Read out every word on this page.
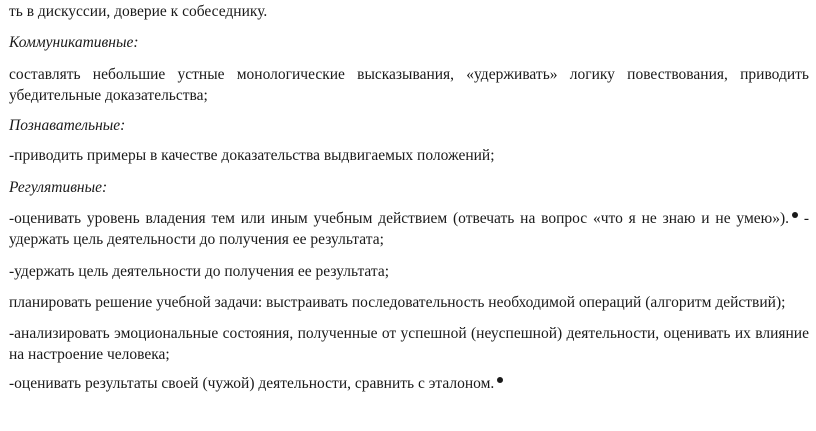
ть в дискуссии, доверие к собеседнику.
Коммуникативные:
составлять небольшие устные монологические высказывания, «удерживать» логику повествования, приводить
убедительные доказательства;
Познавательные:
-приводить примеры в качестве доказательства выдвигаемых положений;
Регулятивные:
-оценивать уровень владения тем или иным учебным действием (отвечать на вопрос «что я не знаю и не умею»). -
удержать цель деятельности до получения ее результата;
-удержать цель деятельности до получения ее результата;
планировать решение учебной задачи: выстраивать последовательность необходимой операций (алгоритм действий);
-анализировать эмоциональные состояния, полученные от успешной (неуспешной) деятельности, оценивать их влияние
на настроение человека;
-оценивать результаты своей (чужой) деятельности, сравнить с эталоном.
